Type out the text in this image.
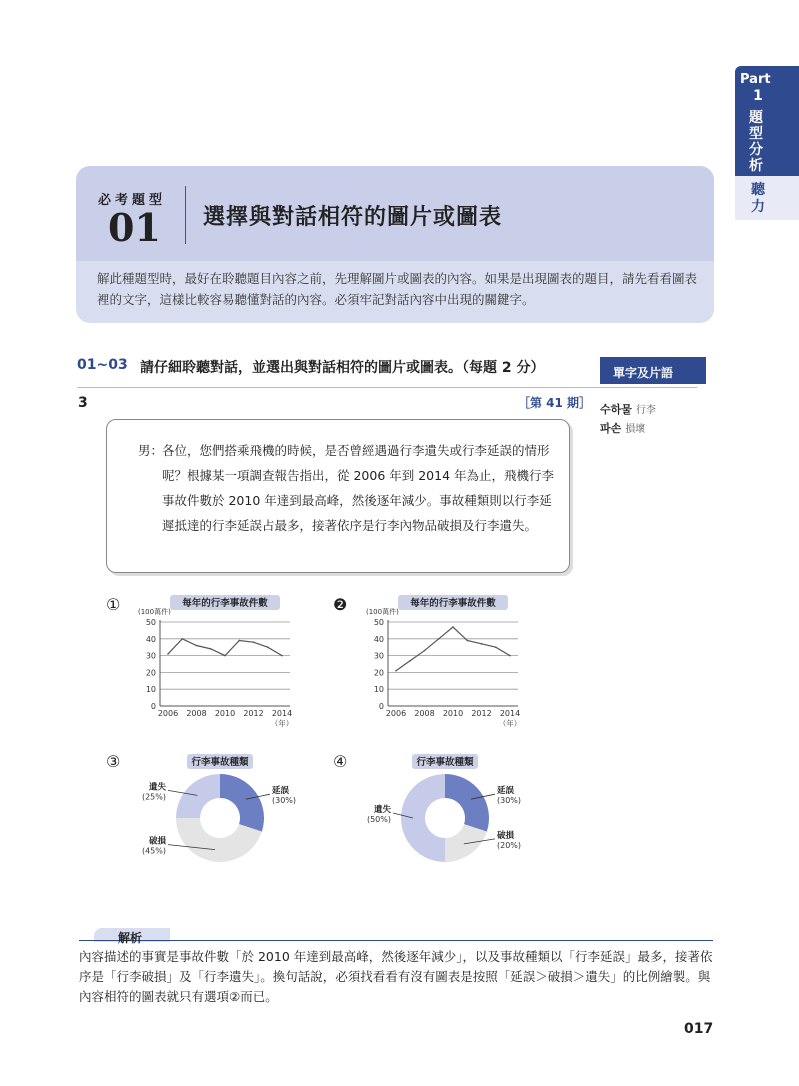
Part
1
題型分析
聽力
必考題型
01 選擇與對話相符的圖片或圖表
解此種題型時，最好在聆聽題目內容之前，先理解圖片或圖表的內容。如果是出現圖表的題目，請先看看圖表裡的文字，這樣比較容易聽懂對話的內容。必須牢記對話內容中出現的關鍵字。
01~03 請仔細聆聽對話，並選出與對話相符的圖片或圖表。（每題 2 分）	單字及片語
3	［第 41 期］ 수하물 行李
파손 損壞
男：
各位，您們搭乘飛機的時候，是否曾經遇過行李遺失或行李延誤的情形呢？根據某一項調查報告指出，從 2006 年到 2014 年為止，飛機行李事故件數於 2010 年達到最高峰，然後逐年減少。事故種類則以行李延遲抵達的行李延誤占最多，接著依序是行李內物品破損及行李遺失。
①	❷
③	④
每年的行李事故件數
(100萬件)
0
10
20
30
40
50
2006 2008 2010 2012 2014
（年）
每年的行李事故件數
(100萬件)
0
10
20
30
40
50
2006 2008 2010 2012 2014
（年）
行李事故種類
延誤
(30%)
破損
(45%)
遺失
(25%)
行李事故種類
延誤
(30%)
破損
(20%)
遺失
(50%)
解析
內容描述的事實是事故件數「於 2010 年達到最高峰，然後逐年減少」，以及事故種類以「行李延誤」最多，接著依序是「行李破損」及「行李遺失」。換句話說，必須找看看有沒有圖表是按照「延誤＞破損＞遺失」的比例繪製。與內容相符的圖表就只有選項②而已。
017
